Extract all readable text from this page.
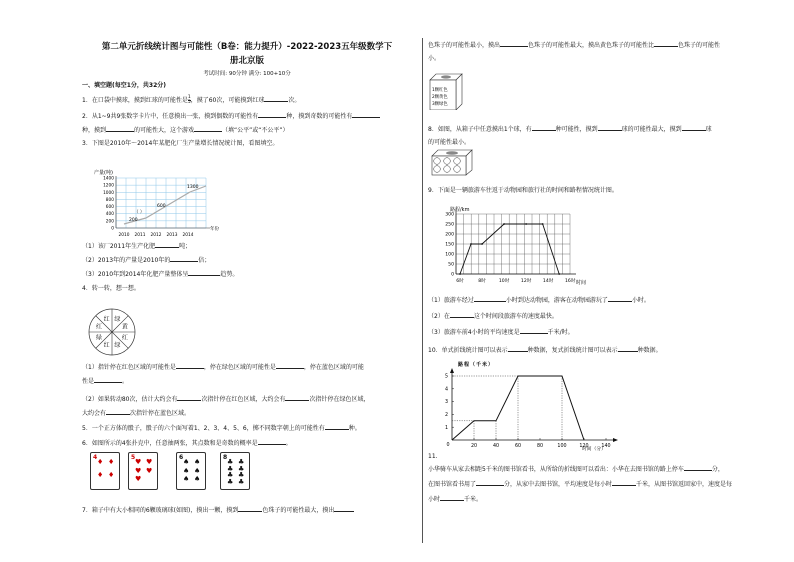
第二单元折线统计图与可能性（B卷：能力提升）-2022-2023五年级数学下
册北京版
考试时间: 90分钟 满分: 100+10分
一、填空题(每空1分，共32分)
1．在口袋中摸球，摸到红球的可能性是 $\frac{1}{5}$ ，摸了60次，可能摸到红球	次。
2．从1~9共9张数字卡片中，任意摸出一张，摸到偶数的可能性有	种，摸到奇数的可能性有
种，摸到	的可能性大，这个游戏	（填“公平”或“不公平”）
3．下图是2010年～2014年某肥化厂生产量增长情况统计图，看图填空。
产量(吨)
1400
1200
1000
800
600
400
200
0
2010 2011 2012 2013 2014
1300
600
200
（ ）
年份
（1）该厂2011年生产化肥	吨；
（2）2013年的产量是2010年的	倍；
（3）2010年到2014年化肥产量整体呈	趋势。
4．转一转，想一想。
红 绿
黄
红
绿
红
绿
红
（1）指针停在红色区域的可能性是	，停在绿色区域的可能性是	，停在蓝色区域的可能
性是	。
（2）如果转动80次，估计大约会有	次指针停在红色区域，大约会有	次指针停在绿色区域，
大约会有	次指针停在蓝色区域。
5．一个正方体的骰子，骰子的六个面写着1、2、3、4、5、6，掷不同数字朝上的可能性有	种。
6．如图所示的4张扑克中，任意抽两张，其点数和是奇数的概率是	。
4
♦ ♦
♦ ♦
5
♥ ♥
♥ ♥
♥
6
♠ ♠
♠ ♠
♠ ♠
8
♣ ♣
♣ ♣
♣ ♣
♣ ♣
7．箱子中有大小相同的6颗玻璃球(如图)，摸出一颗，摸到	色珠子的可能性最大，摸出
色珠子的可能性最小，摸出	色珠子的可能性最大，摸出黄色珠子的可能性比	色珠子的可能性
小。
1颗红色
2颗黄色
3颗绿色
8．如图，从箱子中任意摸出1个球，有	种可能性，摸到	球的可能性最大，摸到	球
的可能性最小。
9．下面是一辆旅游车往返于动物园和旅行社的时间和路程情况统计图。
路程/km
300
250
200
150
100
50
0
6时	8时	10时	12时	14时	16时 时间
（1）旅游车经过	小时到达动物园，游客在动物园游玩了	小时。
（2）在	这个时间段旅游车的速度最快。
（3）旅游车前4小时的平均速度是	千米/时。
10．单式折线统计图可以表示	种数据，复式折线统计图可以表示	种数据。
路程（千米）
5
4
3
2
1
0	20	40	60	80	100	120	140
时间（分）
11.
小华骑车从家去相距5千米的图书馆看书，从所给的折线图可以看出：小华在去图书馆的路上停车	分，
在图书馆看书用了	分，从家中去图书馆，平均速度是每小时	千米，从图书馆返回家中，速度是每
小时	千米。
